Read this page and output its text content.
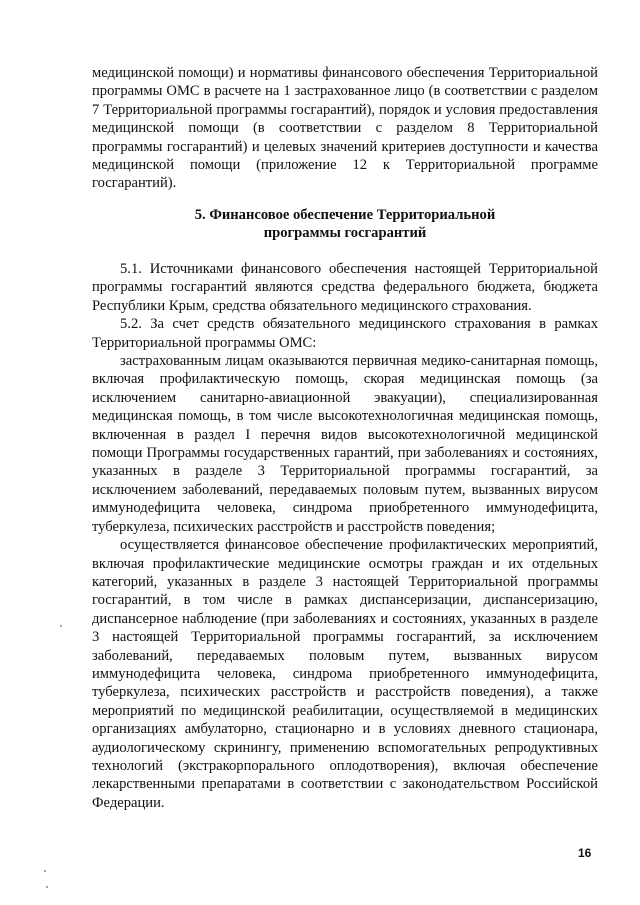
медицинской помощи) и нормативы финансового обеспечения Территориальной программы ОМС в расчете на 1 застрахованное лицо (в соответствии с разделом 7 Территориальной программы госгарантий), порядок и условия предоставления медицинской помощи (в соответствии с разделом 8 Территориальной программы госгарантий) и целевых значений критериев доступности и качества медицинской помощи (приложение 12 к Территориальной программе госгарантий).

5. Финансовое обеспечение Территориальной
программы госгарантий

5.1. Источниками финансового обеспечения настоящей Территориальной программы госгарантий являются средства федерального бюджета, бюджета Республики Крым, средства обязательного медицинского страхования.

5.2. За счет средств обязательного медицинского страхования в рамках Территориальной программы ОМС:

застрахованным лицам оказываются первичная медико-санитарная помощь, включая профилактическую помощь, скорая медицинская помощь (за исключением санитарно-авиационной эвакуации), специализированная медицинская помощь, в том числе высокотехнологичная медицинская помощь, включенная в раздел I перечня видов высокотехнологичной медицинской помощи Программы государственных гарантий, при заболеваниях и состояниях, указанных в разделе 3 Территориальной программы госгарантий, за исключением заболеваний, передаваемых половым путем, вызванных вирусом иммунодефицита человека, синдрома приобретенного иммунодефицита, туберкулеза, психических расстройств и расстройств поведения;

осуществляется финансовое обеспечение профилактических мероприятий, включая профилактические медицинские осмотры граждан и их отдельных категорий, указанных в разделе 3 настоящей Территориальной программы госгарантий, в том числе в рамках диспансеризации, диспансеризацию, диспансерное наблюдение (при заболеваниях и состояниях, указанных в разделе 3 настоящей Территориальной программы госгарантий, за исключением заболеваний, передаваемых половым путем, вызванных вирусом иммунодефицита человека, синдрома приобретенного иммунодефицита, туберкулеза, психических расстройств и расстройств поведения), а также мероприятий по медицинской реабилитации, осуществляемой в медицинских организациях амбулаторно, стационарно и в условиях дневного стационара, аудиологическому скринингу, применению вспомогательных репродуктивных технологий (экстракорпорального оплодотворения), включая обеспечение лекарственными препаратами в соответствии с законодательством Российской Федерации.

16
